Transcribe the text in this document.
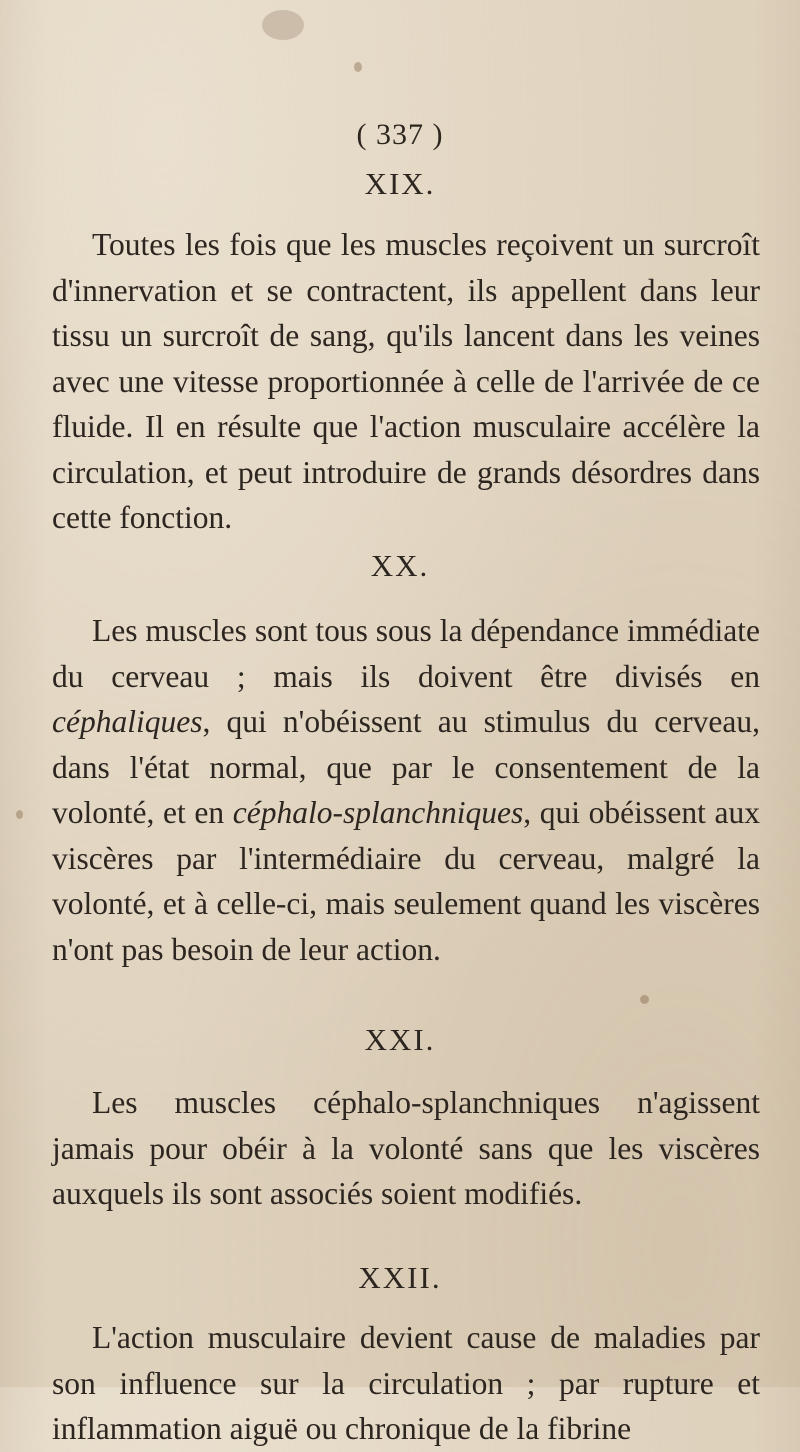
( 337 )
XIX.

Toutes les fois que les muscles reçoivent un surcroît d'innervation et se contractent, ils appellent dans leur tissu un surcroît de sang, qu'ils lancent dans les veines avec une vitesse proportionnée à celle de l'arrivée de ce fluide. Il en résulte que l'action musculaire accélère la circulation, et peut introduire de grands désordres dans cette fonction.

XX.

Les muscles sont tous sous la dépendance immédiate du cerveau ; mais ils doivent être divisés en céphaliques, qui n'obéissent au stimulus du cerveau, dans l'état normal, que par le consentement de la volonté, et en céphalo-splanchniques, qui obéissent aux viscères par l'intermédiaire du cerveau, malgré la volonté, et à celle-ci, mais seulement quand les viscères n'ont pas besoin de leur action.

XXI.

Les muscles céphalo-splanchniques n'agissent jamais pour obéir à la volonté sans que les viscères auxquels ils sont associés soient modifiés.

XXII.

L'action musculaire devient cause de maladies par son influence sur la circulation ; par rupture et inflammation aiguë ou chronique de la fibrine
